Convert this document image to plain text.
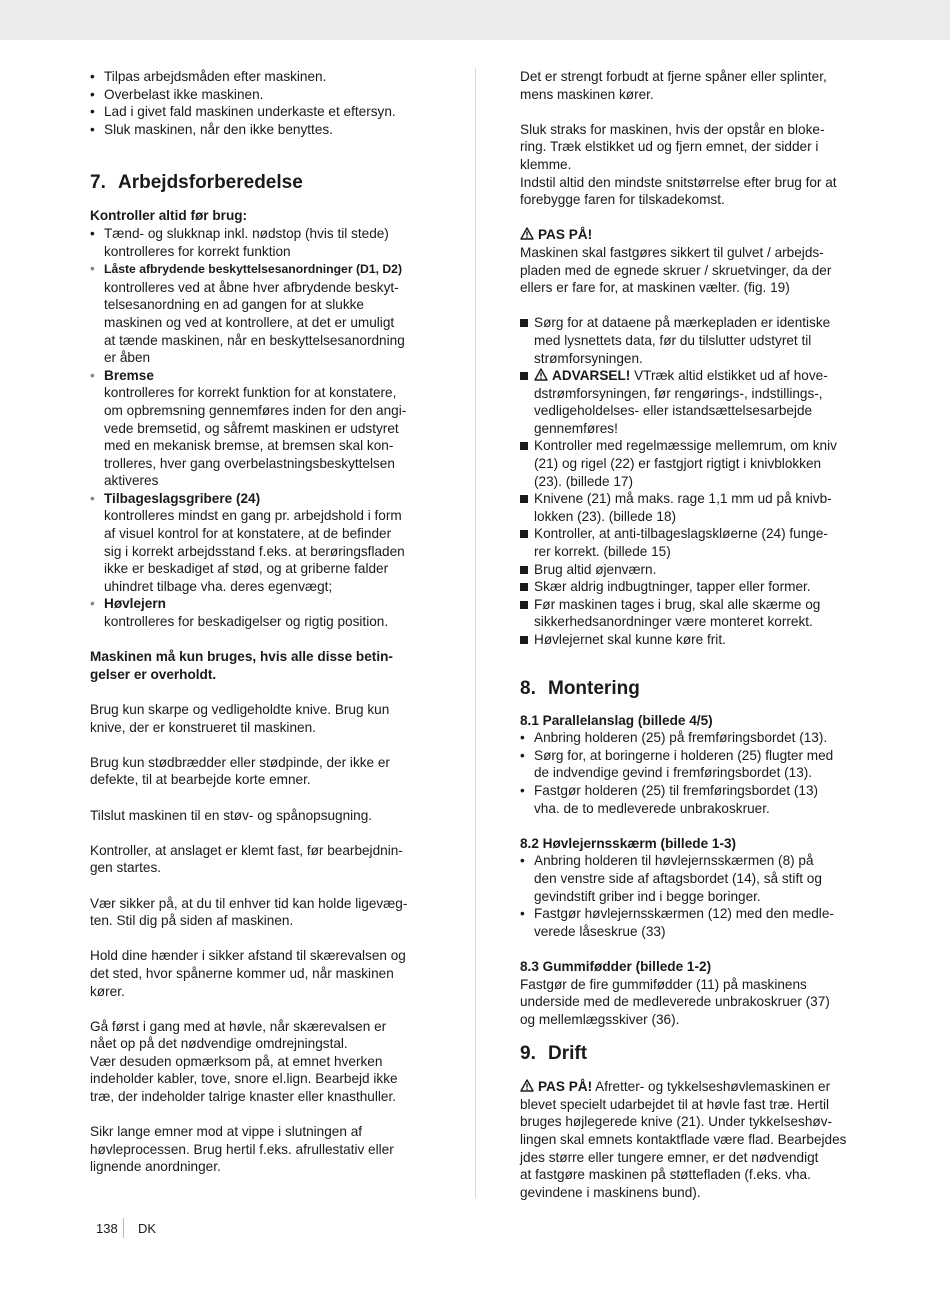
• Tilpas arbejdsmåden efter maskinen.
• Overbelast ikke maskinen.
• Lad i givet fald maskinen underkaste et eftersyn.
• Sluk maskinen, når den ikke benyttes.
7. Arbejdsforberedelse

Kontroller altid før brug:

• Tænd- og slukknap inkl. nødstop (hvis til stede)
kontrolleres for korrekt funktion
• Låste afbrydende beskyttelsesanordninger (D1, D2)
kontrolleres ved at åbne hver afbrydende beskyt-
telsesanordning en ad gangen for at slukke
maskinen og ved at kontrollere, at det er umuligt
at tænde maskinen, når en beskyttelsesanordning
er åben
• Bremse
kontrolleres for korrekt funktion for at konstatere,
om opbremsning gennemføres inden for den angi-
vede bremsetid, og såfremt maskinen er udstyret
med en mekanisk bremse, at bremsen skal kon-
trolleres, hver gang overbelastningsbeskyttelsen
aktiveres
• Tilbageslagsgribere (24)
kontrolleres mindst en gang pr. arbejdshold i form
af visuel kontrol for at konstatere, at de befinder
sig i korrekt arbejdsstand f.eks. at berøringsfladen
ikke er beskadiget af stød, og at griberne falder
uhindret tilbage vha. deres egenvægt;
• Høvlejern
kontrolleres for beskadigelser og rigtig position.

Maskinen må kun bruges, hvis alle disse betin-
gelser er overholdt.

Brug kun skarpe og vedligeholdte knive. Brug kun
knive, der er konstrueret til maskinen.

Brug kun stødbrædder eller stødpinde, der ikke er
defekte, til at bearbejde korte emner.

Tilslut maskinen til en støv- og spånopsugning.

Kontroller, at anslaget er klemt fast, før bearbejdnin-
gen startes.

Vær sikker på, at du til enhver tid kan holde ligevæg-
ten. Stil dig på siden af maskinen.

Hold dine hænder i sikker afstand til skærevalsen og
det sted, hvor spånerne kommer ud, når maskinen
kører.

Gå først i gang med at høvle, når skærevalsen er
nået op på det nødvendige omdrejningstal.
Vær desuden opmærksom på, at emnet hverken
indeholder kabler, tove, snore el.lign. Bearbejd ikke
træ, der indeholder talrige knaster eller knasthuller.

Sikr lange emner mod at vippe i slutningen af
høvleprocessen. Brug hertil f.eks. afrullestativ eller
lignende anordninger.

Det er strengt forbudt at fjerne spåner eller splinter,
mens maskinen kører.

Sluk straks for maskinen, hvis der opstår en bloke-
ring. Træk elstikket ud og fjern emnet, der sidder i
klemme.
Indstil altid den mindste snitstørrelse efter brug for at
forebygge faren for tilskadekomst.

PAS PÅ!
Maskinen skal fastgøres sikkert til gulvet / arbejds-
pladen med de egnede skruer / skruetvinger, da der
ellers er fare for, at maskinen vælter. (fig. 19)

Sørg for at dataene på mærkepladen er identiske
med lysnettets data, før du tilslutter udstyret til
strømforsyningen.
ADVARSEL! VTræk altid elstikket ud af hove-
dstrømforsyningen, før rengørings-, indstillings-,
vedligeholdelses- eller istandsættelsesarbejde
gennemføres!
Kontroller med regelmæssige mellemrum, om kniv
(21) og rigel (22) er fastgjort rigtigt i knivblokken
(23). (billede 17)
Knivene (21) må maks. rage 1,1 mm ud på knivb-
lokken (23). (billede 18)
Kontroller, at anti-tilbageslagskløerne (24) funge-
rer korrekt. (billede 15)
Brug altid øjenværn.
Skær aldrig indbugtninger, tapper eller former.
Før maskinen tages i brug, skal alle skærme og
sikkerhedsanordninger være monteret korrekt.
Høvlejernet skal kunne køre frit.
8. Montering

8.1 Parallelanslag (billede 4/5)

• Anbring holderen (25) på fremføringsbordet (13).
• Sørg for, at boringerne i holderen (25) flugter med
de indvendige gevind i fremføringsbordet (13).
• Fastgør holderen (25) til fremføringsbordet (13)
vha. de to medleverede unbrakoskruer.

8.2 Høvlejernsskærm (billede 1-3)

• Anbring holderen til høvlejernsskærmen (8) på
den venstre side af aftagsbordet (14), så stift og
gevindstift griber ind i begge boringer.
• Fastgør høvlejernsskærmen (12) med den medle-
verede låseskrue (33)

8.3 Gummifødder (billede 1-2)

Fastgør de fire gummifødder (11) på maskinens
underside med de medleverede unbrakoskruer (37)
og mellemlægsskiver (36).

9. Drift

PAS PÅ! Afretter- og tykkelseshøvlemaskinen er
blevet specielt udarbejdet til at høvle fast træ. Hertil
bruges højlegerede knive (21). Under tykkelseshøv-
lingen skal emnets kontaktflade være flad. Bearbejdes
jdes større eller tungere emner, er det nødvendigt
at fastgøre maskinen på støttefladen (f.eks. vha.
gevindene i maskinens bund).

138 DK
